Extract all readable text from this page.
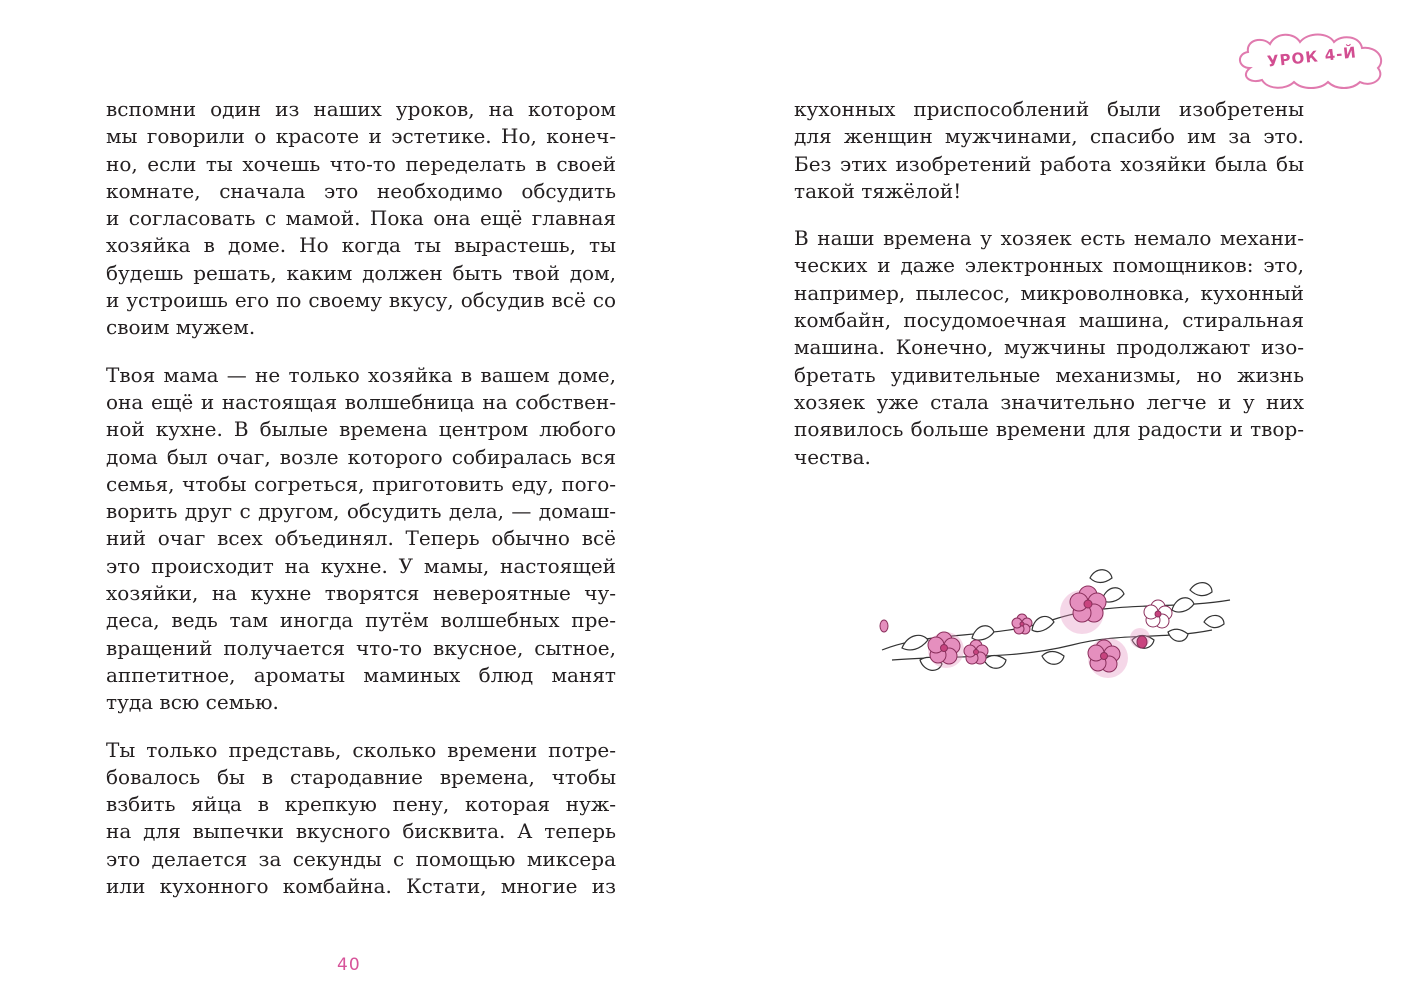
УРОК 4-Й
вспомни один из наших уроков, на котором
мы говорили о красоте и эстетике. Но, конеч-
но, если ты хочешь что-то переделать в своей
комнате, сначала это необходимо обсудить
и согласовать с мамой. Пока она ещё главная
хозяйка в доме. Но когда ты вырастешь, ты
будешь решать, каким должен быть твой дом,
и устроишь его по своему вкусу, обсудив всё со
своим мужем.
Твоя мама — не только хозяйка в вашем доме,
она ещё и настоящая волшебница на собствен-
ной кухне. В былые времена центром любого
дома был очаг, возле которого собиралась вся
семья, чтобы согреться, приготовить еду, пого-
ворить друг с другом, обсудить дела, — домаш-
ний очаг всех объединял. Теперь обычно всё
это происходит на кухне. У мамы, настоящей
хозяйки, на кухне творятся невероятные чу-
деса, ведь там иногда путём волшебных пре-
вращений получается что-то вкусное, сытное,
аппетитное, ароматы маминых блюд манят
туда всю семью.
Ты только представь, сколько времени потре-
бовалось бы в стародавние времена, чтобы
взбить яйца в крепкую пену, которая нуж-
на для выпечки вкусного бисквита. А теперь
это делается за секунды с помощью миксера
или кухонного комбайна. Кстати, многие из
кухонных приспособлений были изобретены
для женщин мужчинами, спасибо им за это.
Без этих изобретений работа хозяйки была бы
такой тяжёлой!
В наши времена у хозяек есть немало механи-
ческих и даже электронных помощников: это,
например, пылесос, микроволновка, кухонный
комбайн, посудомоечная машина, стиральная
машина. Конечно, мужчины продолжают изо-
бретать удивительные механизмы, но жизнь
хозяек уже стала значительно легче и у них
появилось больше времени для радости и твор-
чества.
40
